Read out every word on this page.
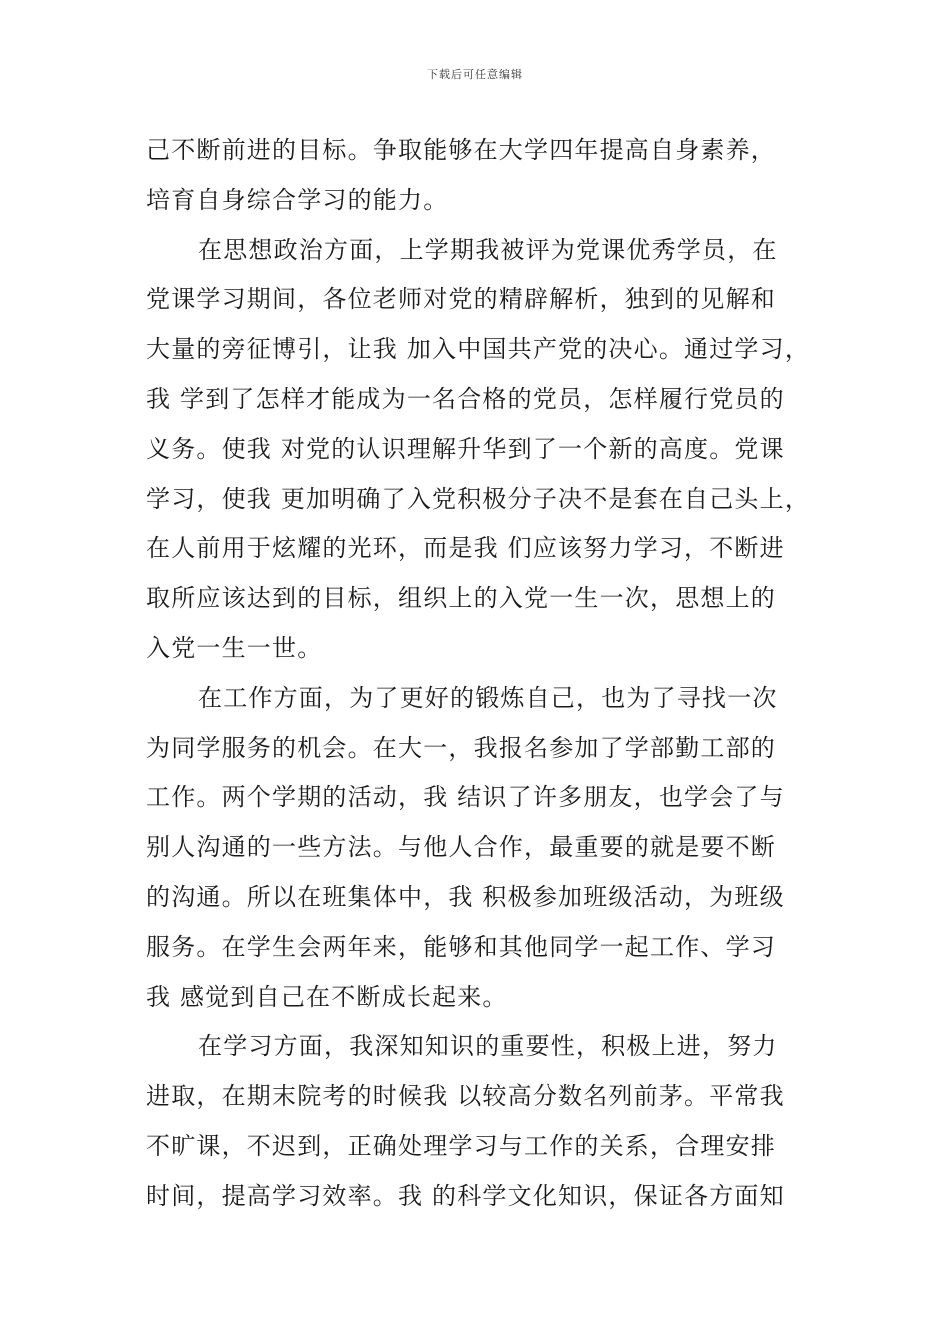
下载后可任意编辑
己不断前进的目标。争取能够在大学四年提高自身素养，
培育自身综合学习的能力。
在思想政治方面，上学期我被评为党课优秀学员，在
党课学习期间，各位老师对党的精辟解析，独到的见解和
大量的旁征博引，让我 加入中国共产党的决心。通过学习，
我 学到了怎样才能成为一名合格的党员，怎样履行党员的
义务。使我 对党的认识理解升华到了一个新的高度。党课
学习，使我 更加明确了入党积极分子决不是套在自己头上，
在人前用于炫耀的光环，而是我 们应该努力学习，不断进
取所应该达到的目标，组织上的入党一生一次，思想上的
入党一生一世。
在工作方面，为了更好的锻炼自己，也为了寻找一次
为同学服务的机会。在大一，我报名参加了学部勤工部的
工作。两个学期的活动，我 结识了许多朋友，也学会了与
别人沟通的一些方法。与他人合作，最重要的就是要不断
的沟通。所以在班集体中，我 积极参加班级活动，为班级
服务。在学生会两年来，能够和其他同学一起工作、学习
我 感觉到自己在不断成长起来。
在学习方面，我深知知识的重要性，积极上进，努力
进取，在期末院考的时候我 以较高分数名列前茅。平常我
不旷课，不迟到，正确处理学习与工作的关系，合理安排
时间，提高学习效率。我 的科学文化知识，保证各方面知
